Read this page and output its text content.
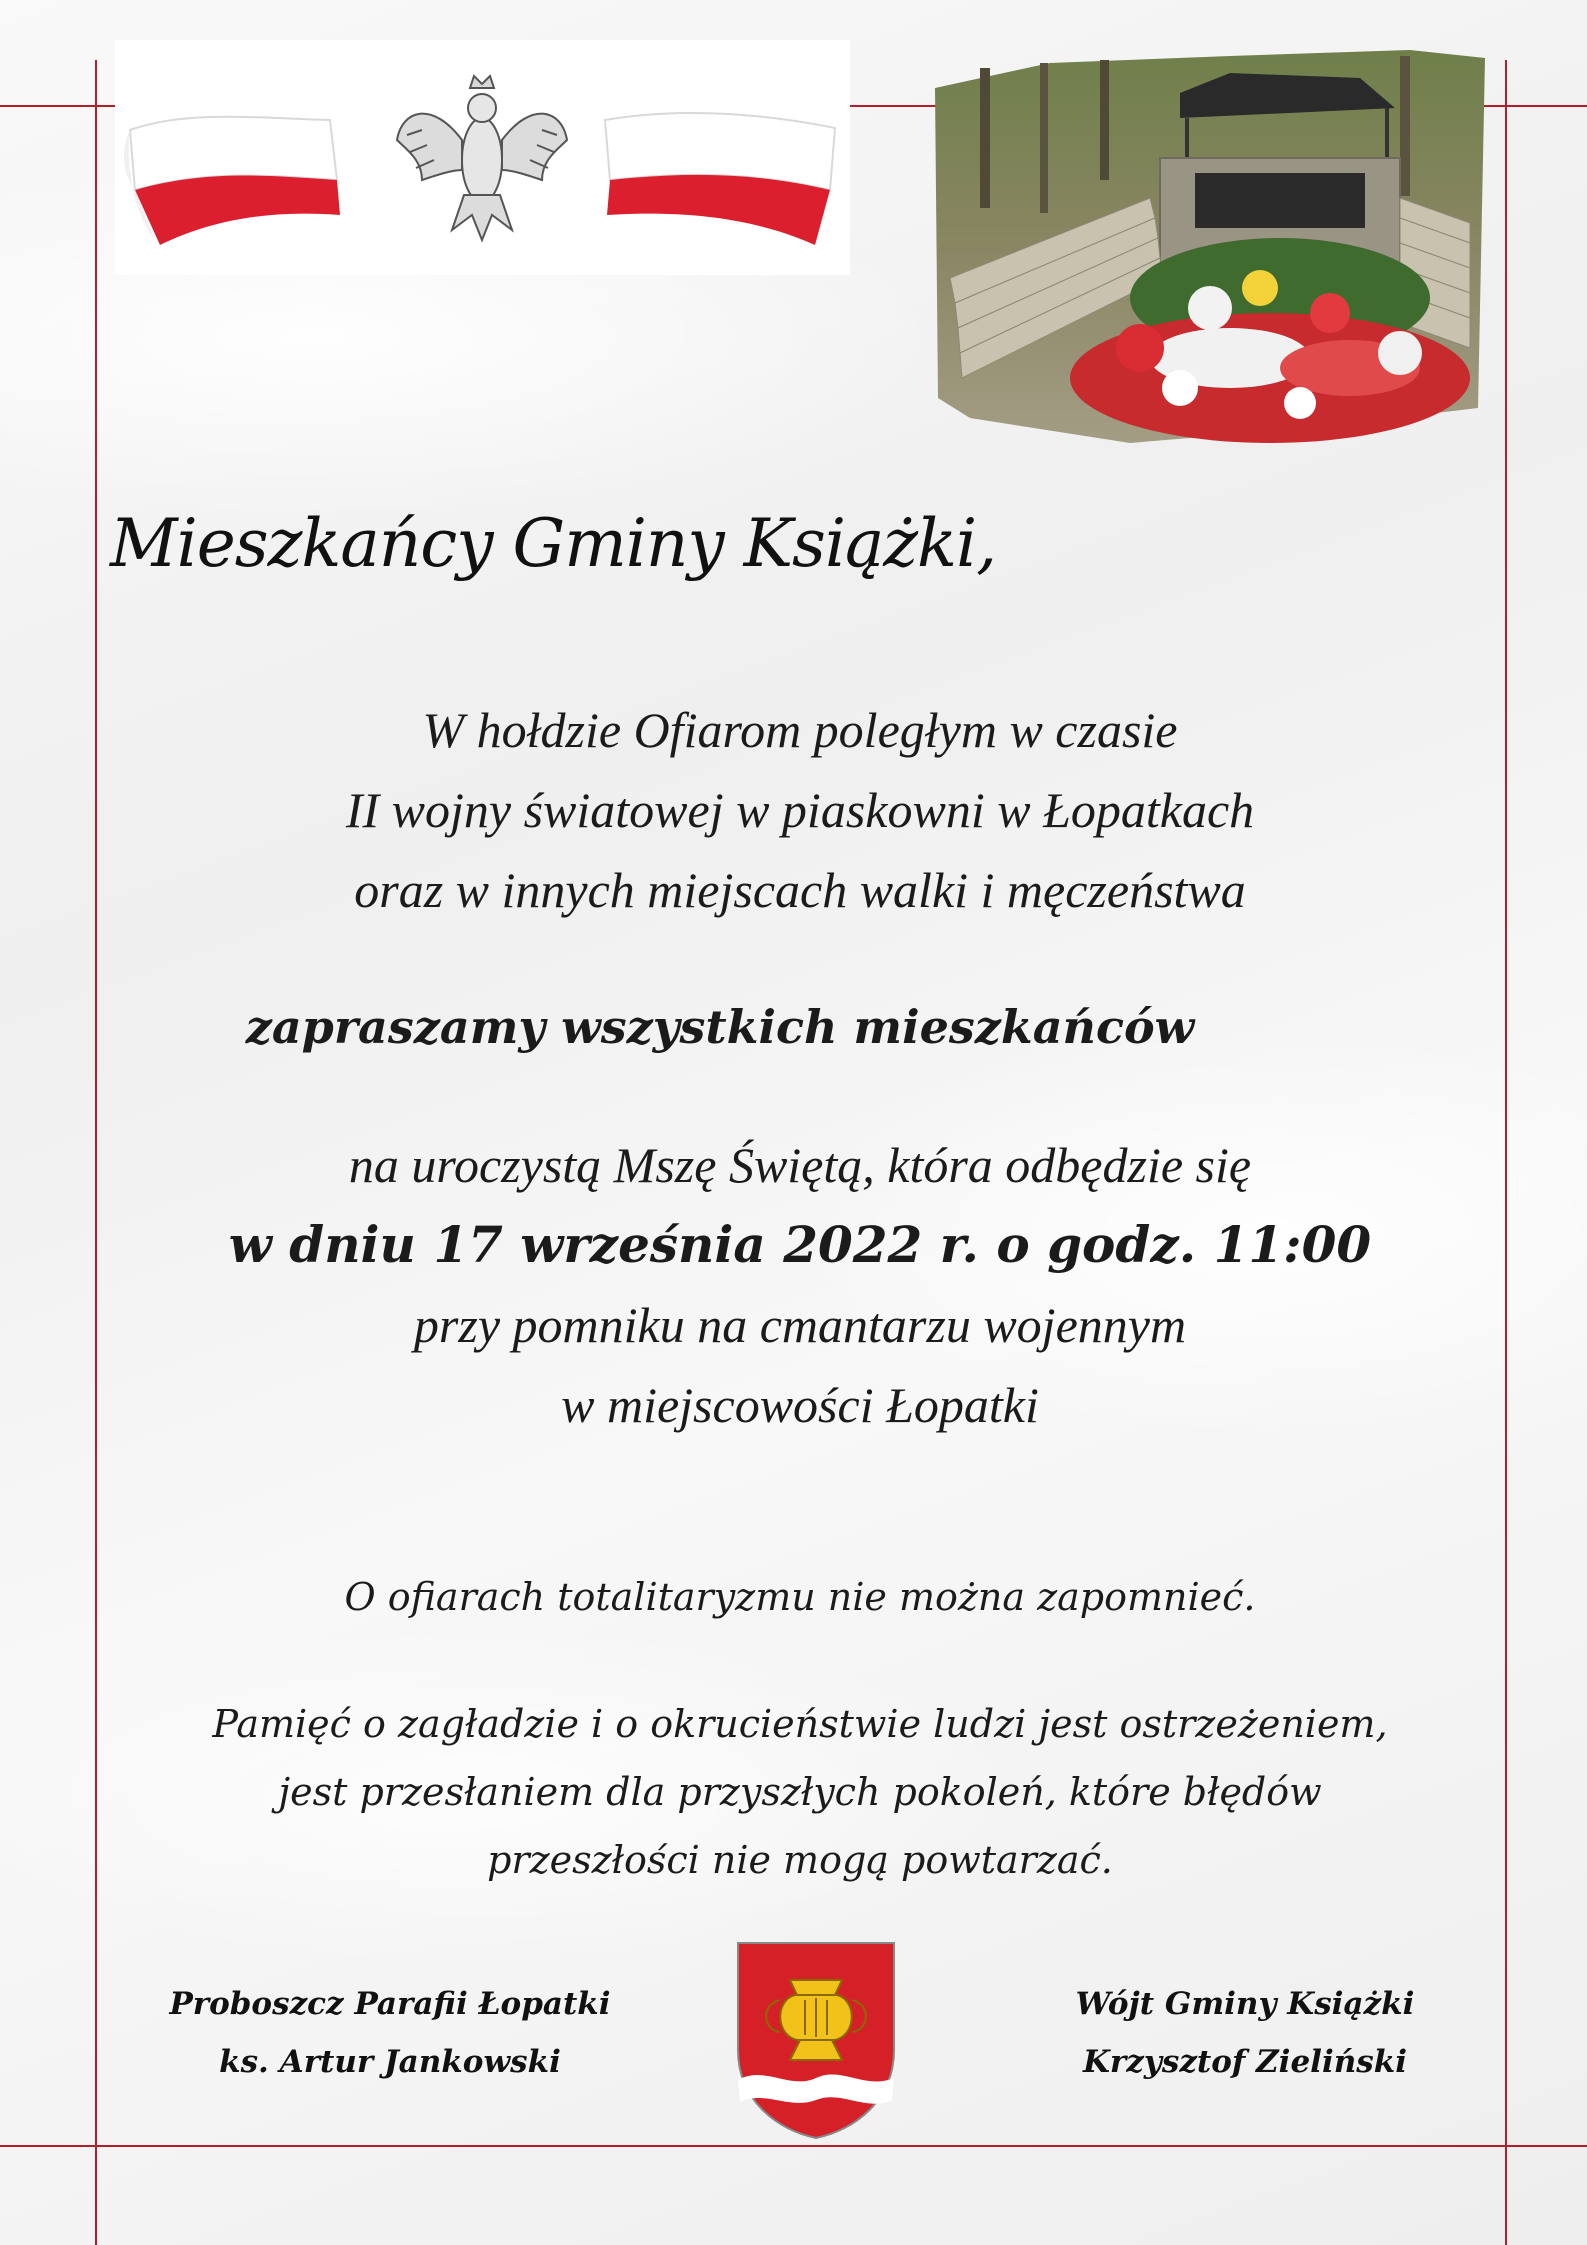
Mieszkańcy Gminy Książki,
W hołdzie Ofiarom poległym w czasie
II wojny światowej w piaskowni w Łopatkach
oraz w innych miejscach walki i męczeństwa
zapraszamy wszystkich mieszkańców
na uroczystą Mszę Świętą, która odbędzie się
w dniu 17 września 2022 r. o godz. 11:00
przy pomniku na cmantarzu wojennym
w miejscowości Łopatki
O ofiarach totalitaryzmu nie można zapomnieć.
Pamięć o zagładzie i o okrucieństwie ludzi jest ostrzeżeniem,
jest przesłaniem dla przyszłych pokoleń, które błędów
przeszłości nie mogą powtarzać.
Proboszcz Parafii Łopatki
ks. Artur Jankowski
Wójt Gminy Książki
Krzysztof Zieliński
